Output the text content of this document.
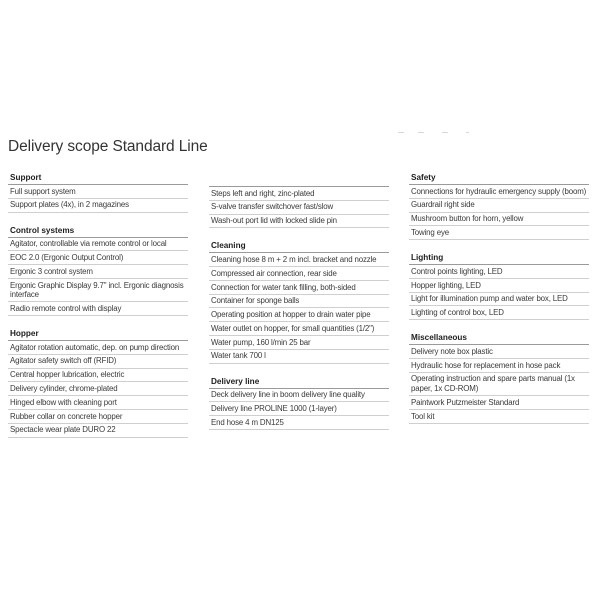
Delivery scope Standard Line
Support
Full support system
Support plates (4x), in 2 magazines
Control systems
Agitator, controllable via remote control or local
EOC 2.0 (Ergonic Output Control)
Ergonic 3 control system
Ergonic Graphic Display 9.7" incl. Ergonic diagnosis interface
Radio remote control with display
Hopper
Agitator rotation automatic, dep. on pump direction
Agitator safety switch off (RFID)
Central hopper lubrication, electric
Delivery cylinder, chrome-plated
Hinged elbow with cleaning port
Rubber collar on concrete hopper
Spectacle wear plate DURO 22
Steps left and right, zinc-plated
S-valve transfer switchover fast/slow
Wash-out port lid with locked slide pin
Cleaning
Cleaning hose 8 m + 2 m incl. bracket and nozzle
Compressed air connection, rear side
Connection for water tank filling, both-sided
Container for sponge balls
Operating position at hopper to drain water pipe
Water outlet on hopper, for small quantities (1/2")
Water pump, 160 l/min 25 bar
Water tank 700 l
Delivery line
Deck delivery line in boom delivery line quality
Delivery line PROLINE 1000 (1-layer)
End hose 4 m DN125
Safety
Connections for hydraulic emergency supply (boom)
Guardrail right side
Mushroom button for horn, yellow
Towing eye
Lighting
Control points lighting, LED
Hopper lighting, LED
Light for illumination pump and water box, LED
Lighting of control box, LED
Miscellaneous
Delivery note box plastic
Hydraulic hose for replacement in hose pack
Operating instruction and spare parts manual (1x paper, 1x CD-ROM)
Paintwork Putzmeister Standard
Tool kit
